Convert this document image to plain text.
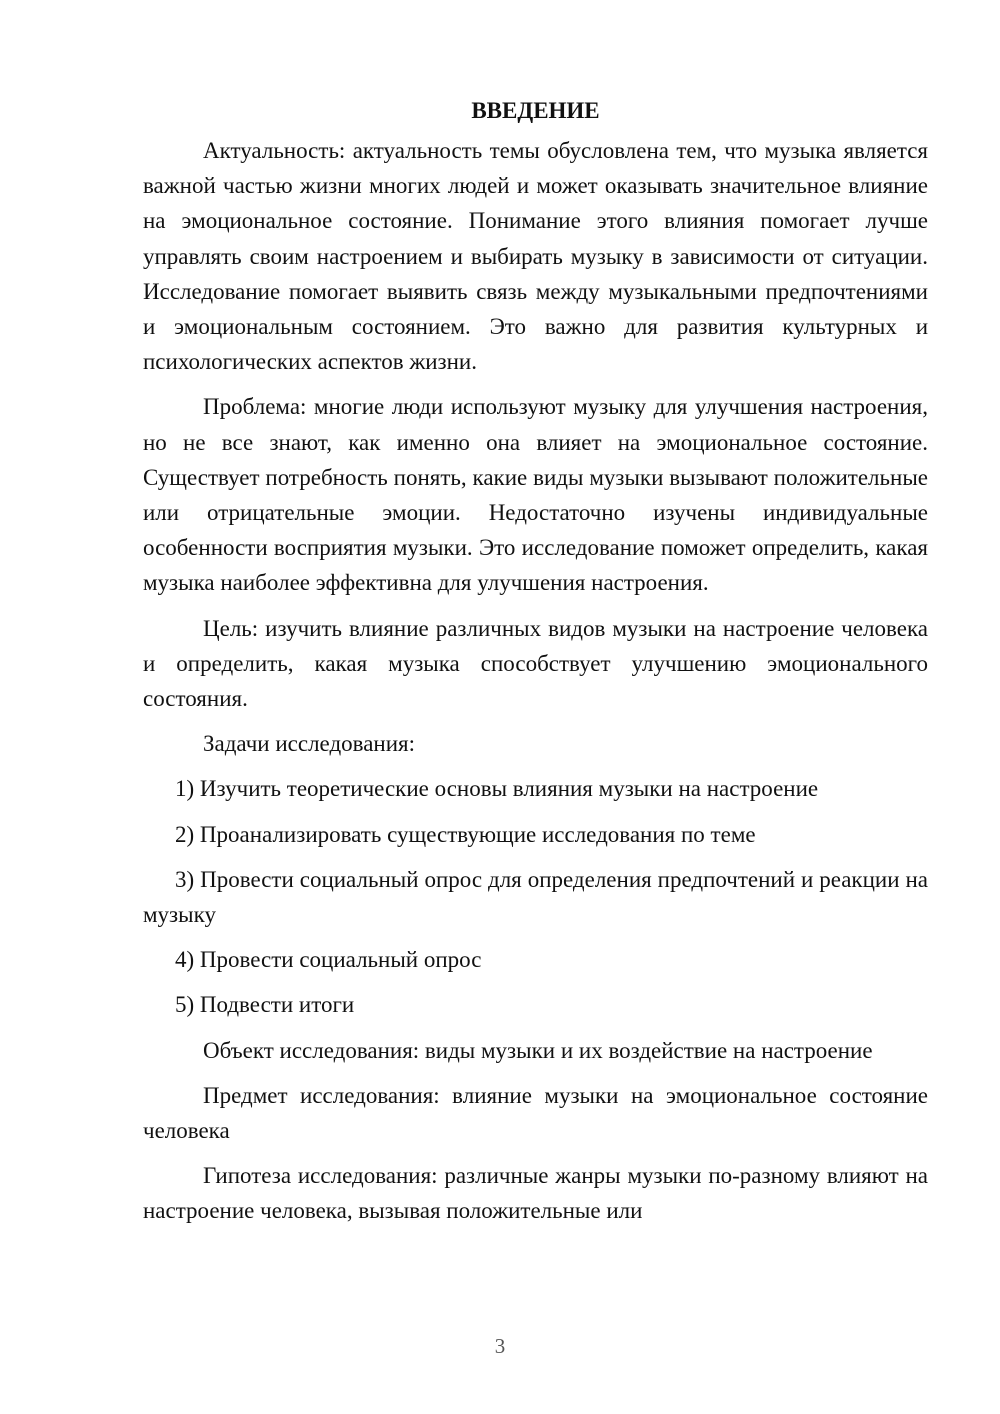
ВВЕДЕНИЕ

Актуальность: актуальность темы обусловлена тем, что музыка является важной частью жизни многих людей и может оказывать значительное влияние на эмоциональное состояние. Понимание этого влияния помогает лучше управлять своим настроением и выбирать музыку в зависимости от ситуации. Исследование помогает выявить связь между музыкальными предпочтениями и эмоциональным состоянием. Это важно для развития культурных и психологических аспектов жизни.

Проблема: многие люди используют музыку для улучшения настроения, но не все знают, как именно она влияет на эмоциональное состояние. Существует потребность понять, какие виды музыки вызывают положительные или отрицательные эмоции. Недостаточно изучены индивидуальные особенности восприятия музыки. Это исследование поможет определить, какая музыка наиболее эффективна для улучшения настроения.

Цель: изучить влияние различных видов музыки на настроение человека и определить, какая музыка способствует улучшению эмоционального состояния.

Задачи исследования:

1) Изучить теоретические основы влияния музыки на настроение

2) Проанализировать существующие исследования по теме

3) Провести социальный опрос для определения предпочтений и реакции на музыку

4) Провести социальный опрос

5) Подвести итоги

Объект исследования: виды музыки и их воздействие на настроение

Предмет исследования: влияние музыки на эмоциональное состояние человека

Гипотеза исследования: различные жанры музыки по-разному влияют на настроение человека, вызывая положительные или

3
